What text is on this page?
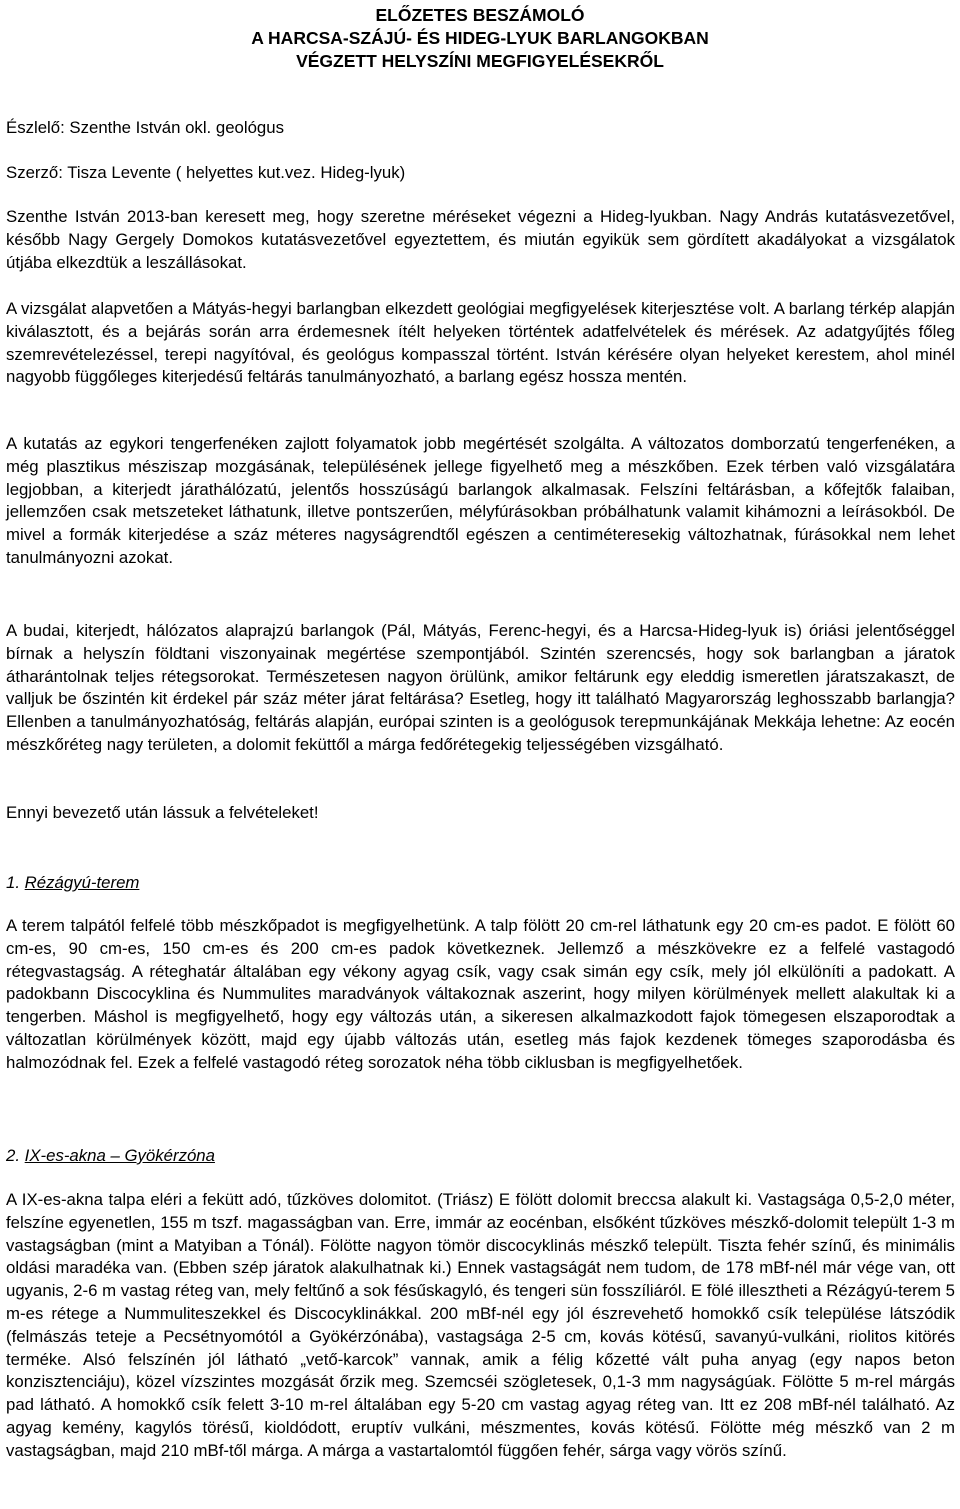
ELŐZETES BESZÁMOLÓ
A HARCSA-SZÁJÚ- ÉS HIDEG-LYUK BARLANGOKBAN
VÉGZETT HELYSZÍNI MEGFIGYELÉSEKRŐL
Észlelő: Szenthe István okl. geológus
Szerző: Tisza Levente ( helyettes kut.vez. Hideg-lyuk)
Szenthe István 2013-ban keresett meg, hogy szeretne méréseket végezni a Hideg-lyukban. Nagy András kutatásvezetővel, később Nagy Gergely Domokos kutatásvezetővel egyeztettem, és miután egyikük sem gördített akadályokat a vizsgálatok útjába elkezdtük a leszállásokat.
A vizsgálat alapvetően a Mátyás-hegyi barlangban elkezdett geológiai megfigyelések kiterjesztése volt. A barlang térkép alapján kiválasztott, és a bejárás során arra érdemesnek ítélt helyeken történtek adatfelvételek és mérések. Az adatgyűjtés főleg szemrevételezéssel, terepi nagyítóval, és geológus kompasszal történt. István kérésére olyan helyeket kerestem, ahol minél nagyobb függőleges kiterjedésű feltárás tanulmányozható, a barlang egész hossza mentén.
A kutatás az egykori tengerfenéken zajlott folyamatok jobb megértését szolgálta. A változatos domborzatú tengerfenéken, a még plasztikus mésziszap mozgásának, településének jellege figyelhető meg a mészkőben. Ezek térben való vizsgálatára legjobban, a kiterjedt járathálózatú, jelentős hosszúságú barlangok alkalmasak. Felszíni feltárásban, a kőfejtők falaiban, jellemzően csak metszeteket láthatunk, illetve pontszerűen, mélyfúrásokban próbálhatunk valamit kihámozni a leírásokból. De mivel a formák kiterjedése a száz méteres nagyságrendtől egészen a centiméteresekig változhatnak, fúrásokkal nem lehet tanulmányozni azokat.
A budai, kiterjedt, hálózatos alaprajzú barlangok (Pál, Mátyás, Ferenc-hegyi, és a Harcsa-Hideg-lyuk is) óriási jelentőséggel bírnak a helyszín földtani viszonyainak megértése szempontjából. Szintén szerencsés, hogy sok barlangban a járatok átharántolnak teljes rétegsorokat. Természetesen nagyon örülünk, amikor feltárunk egy eleddig ismeretlen járatszakaszt, de valljuk be őszintén kit érdekel pár száz méter járat feltárása? Esetleg, hogy itt található Magyarország leghosszabb barlangja? Ellenben a tanulmányozhatóság, feltárás alapján, európai szinten is a geológusok terepmunkájának Mekkája lehetne: Az eocén mészkőréteg nagy területen, a dolomit feküttől a márga fedőrétegekig teljességében vizsgálható.
Ennyi bevezető után lássuk a felvételeket!
1. Rézágyú-terem
A terem talpától felfelé több mészkőpadot is megfigyelhetünk. A talp fölött 20 cm-rel láthatunk egy 20 cm-es padot. E fölött 60 cm-es, 90 cm-es, 150 cm-es és 200 cm-es padok következnek. Jellemző a mészkövekre ez a felfelé vastagodó rétegvastagság. A réteghatár általában egy vékony agyag csík, vagy csak simán egy csík, mely jól elkülöníti a padokatt. A padokbann Discocyklina és Nummulites maradványok váltakoznak aszerint, hogy milyen körülmények mellett alakultak ki a tengerben. Máshol is megfigyelhető, hogy egy változás után, a sikeresen alkalmazkodott fajok tömegesen elszaporodtak a változatlan körülmények között, majd egy újabb változás után, esetleg más fajok kezdenek tömeges szaporodásba és halmozódnak fel. Ezek a felfelé vastagodó réteg sorozatok néha több ciklusban is megfigyelhetőek.
2. IX-es-akna – Gyökérzóna
A IX-es-akna talpa eléri a fekütt adó, tűzköves dolomitot. (Triász) E fölött dolomit breccsa alakult ki. Vastagsága 0,5-2,0 méter, felszíne egyenetlen, 155 m tszf. magasságban van. Erre, immár az eocénban, elsőként tűzköves mészkő-dolomit települt 1-3 m vastagságban (mint a Matyiban a Tónál). Fölötte nagyon tömör discocyklinás mészkő települt. Tiszta fehér színű, és minimális oldási maradéka van. (Ebben szép járatok alakulhatnak ki.) Ennek vastagságát nem tudom, de 178 mBf-nél már vége van, ott ugyanis, 2-6 m vastag réteg van, mely feltűnő a sok fésűskagyló, és tengeri sün fosszíliáról. E fölé illesztheti a Rézágyú-terem 5 m-es rétege a Nummuliteszekkel és Discocyklinákkal. 200 mBf-nél egy jól észrevehető homokkő csík települése látszódik (felmászás teteje a Pecsétnyomótól a Gyökérzónába), vastagsága 2-5 cm, kovás kötésű, savanyú-vulkáni, riolitos kitörés terméke. Alsó felszínén jól látható „vető-karcok” vannak, amik a félig kőzetté vált puha anyag (egy napos beton konzisztenciáju), közel vízszintes mozgását őrzik meg. Szemcséi szögletesek, 0,1-3 mm nagyságúak. Fölötte 5 m-rel márgás pad látható. A homokkő csík felett 3-10 m-rel általában egy 5-20 cm vastag agyag réteg van. Itt ez 208 mBf-nél található. Az agyag kemény, kagylós törésű, kioldódott, eruptív vulkáni, mészmentes, kovás kötésű. Fölötte még mészkő van 2 m vastagságban, majd 210 mBf-től márga. A márga a vastartalomtól függően fehér, sárga vagy vörös színű.
